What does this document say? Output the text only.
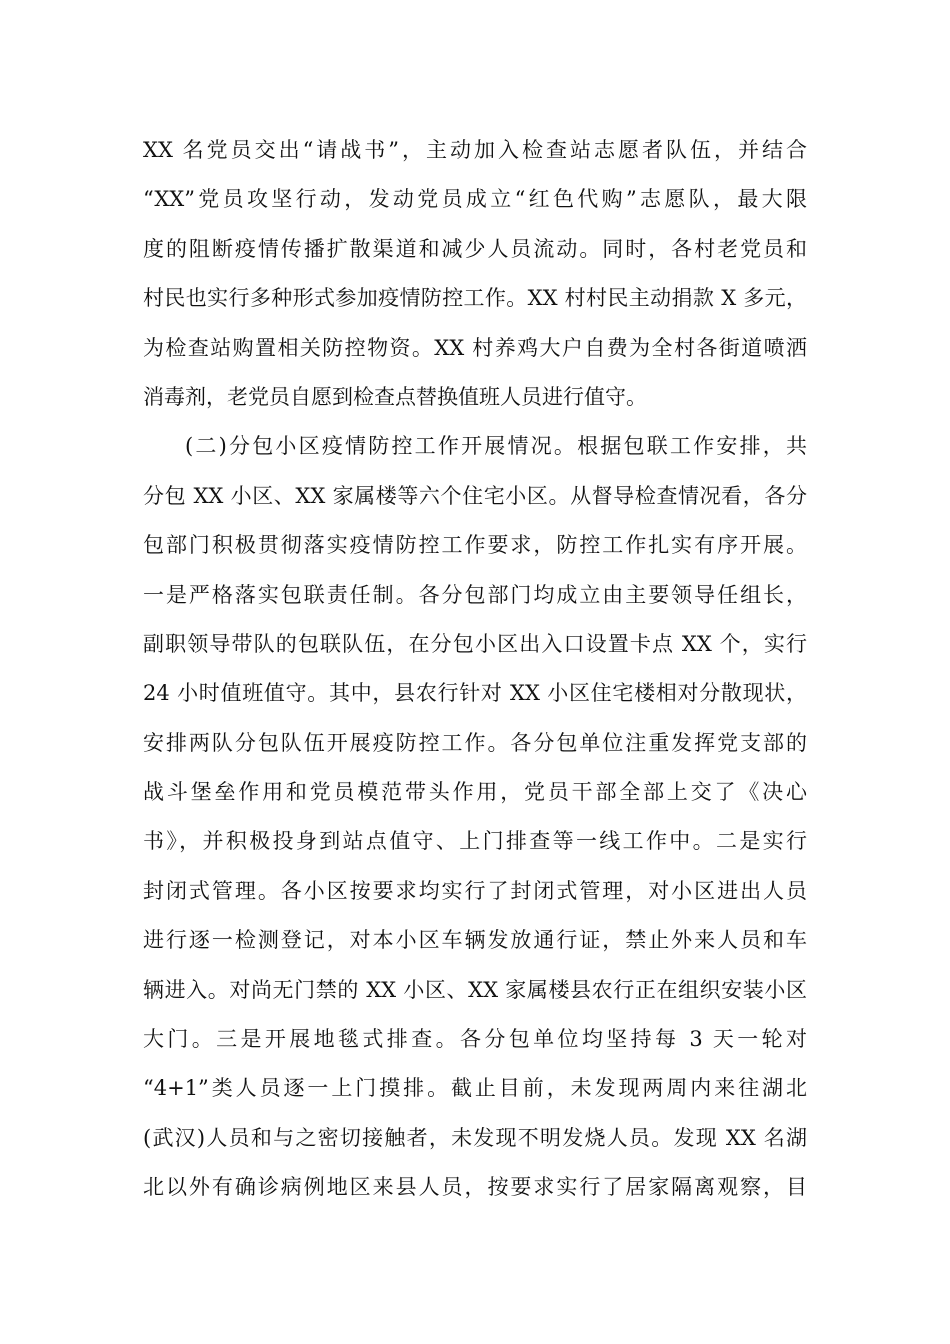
XX 名党员交出“请战书”，主动加入检查站志愿者队伍，并结合
“XX”党员攻坚行动，发动党员成立“红色代购”志愿队，最大限
度的阻断疫情传播扩散渠道和减少人员流动。同时，各村老党员和
村民也实行多种形式参加疫情防控工作。XX 村村民主动捐款 X 多元，
为检查站购置相关防控物资。XX 村养鸡大户自费为全村各街道喷洒
消毒剂，老党员自愿到检查点替换值班人员进行值守。
(二)分包小区疫情防控工作开展情况。根据包联工作安排，共
分包 XX 小区、XX 家属楼等六个住宅小区。从督导检查情况看，各分
包部门积极贯彻落实疫情防控工作要求，防控工作扎实有序开展。
一是严格落实包联责任制。各分包部门均成立由主要领导任组长，
副职领导带队的包联队伍，在分包小区出入口设置卡点 XX 个，实行
24 小时值班值守。其中，县农行针对 XX 小区住宅楼相对分散现状，
安排两队分包队伍开展疫防控工作。各分包单位注重发挥党支部的
战斗堡垒作用和党员模范带头作用，党员干部全部上交了《决心
书》，并积极投身到站点值守、上门排查等一线工作中。二是实行
封闭式管理。各小区按要求均实行了封闭式管理，对小区进出人员
进行逐一检测登记，对本小区车辆发放通行证，禁止外来人员和车
辆进入。对尚无门禁的 XX 小区、XX 家属楼县农行正在组织安装小区
大门。三是开展地毯式排查。各分包单位均坚持每 3 天一轮对
“4+1”类人员逐一上门摸排。截止目前，未发现两周内来往湖北
(武汉)人员和与之密切接触者，未发现不明发烧人员。发现 XX 名湖
北以外有确诊病例地区来县人员，按要求实行了居家隔离观察，目
